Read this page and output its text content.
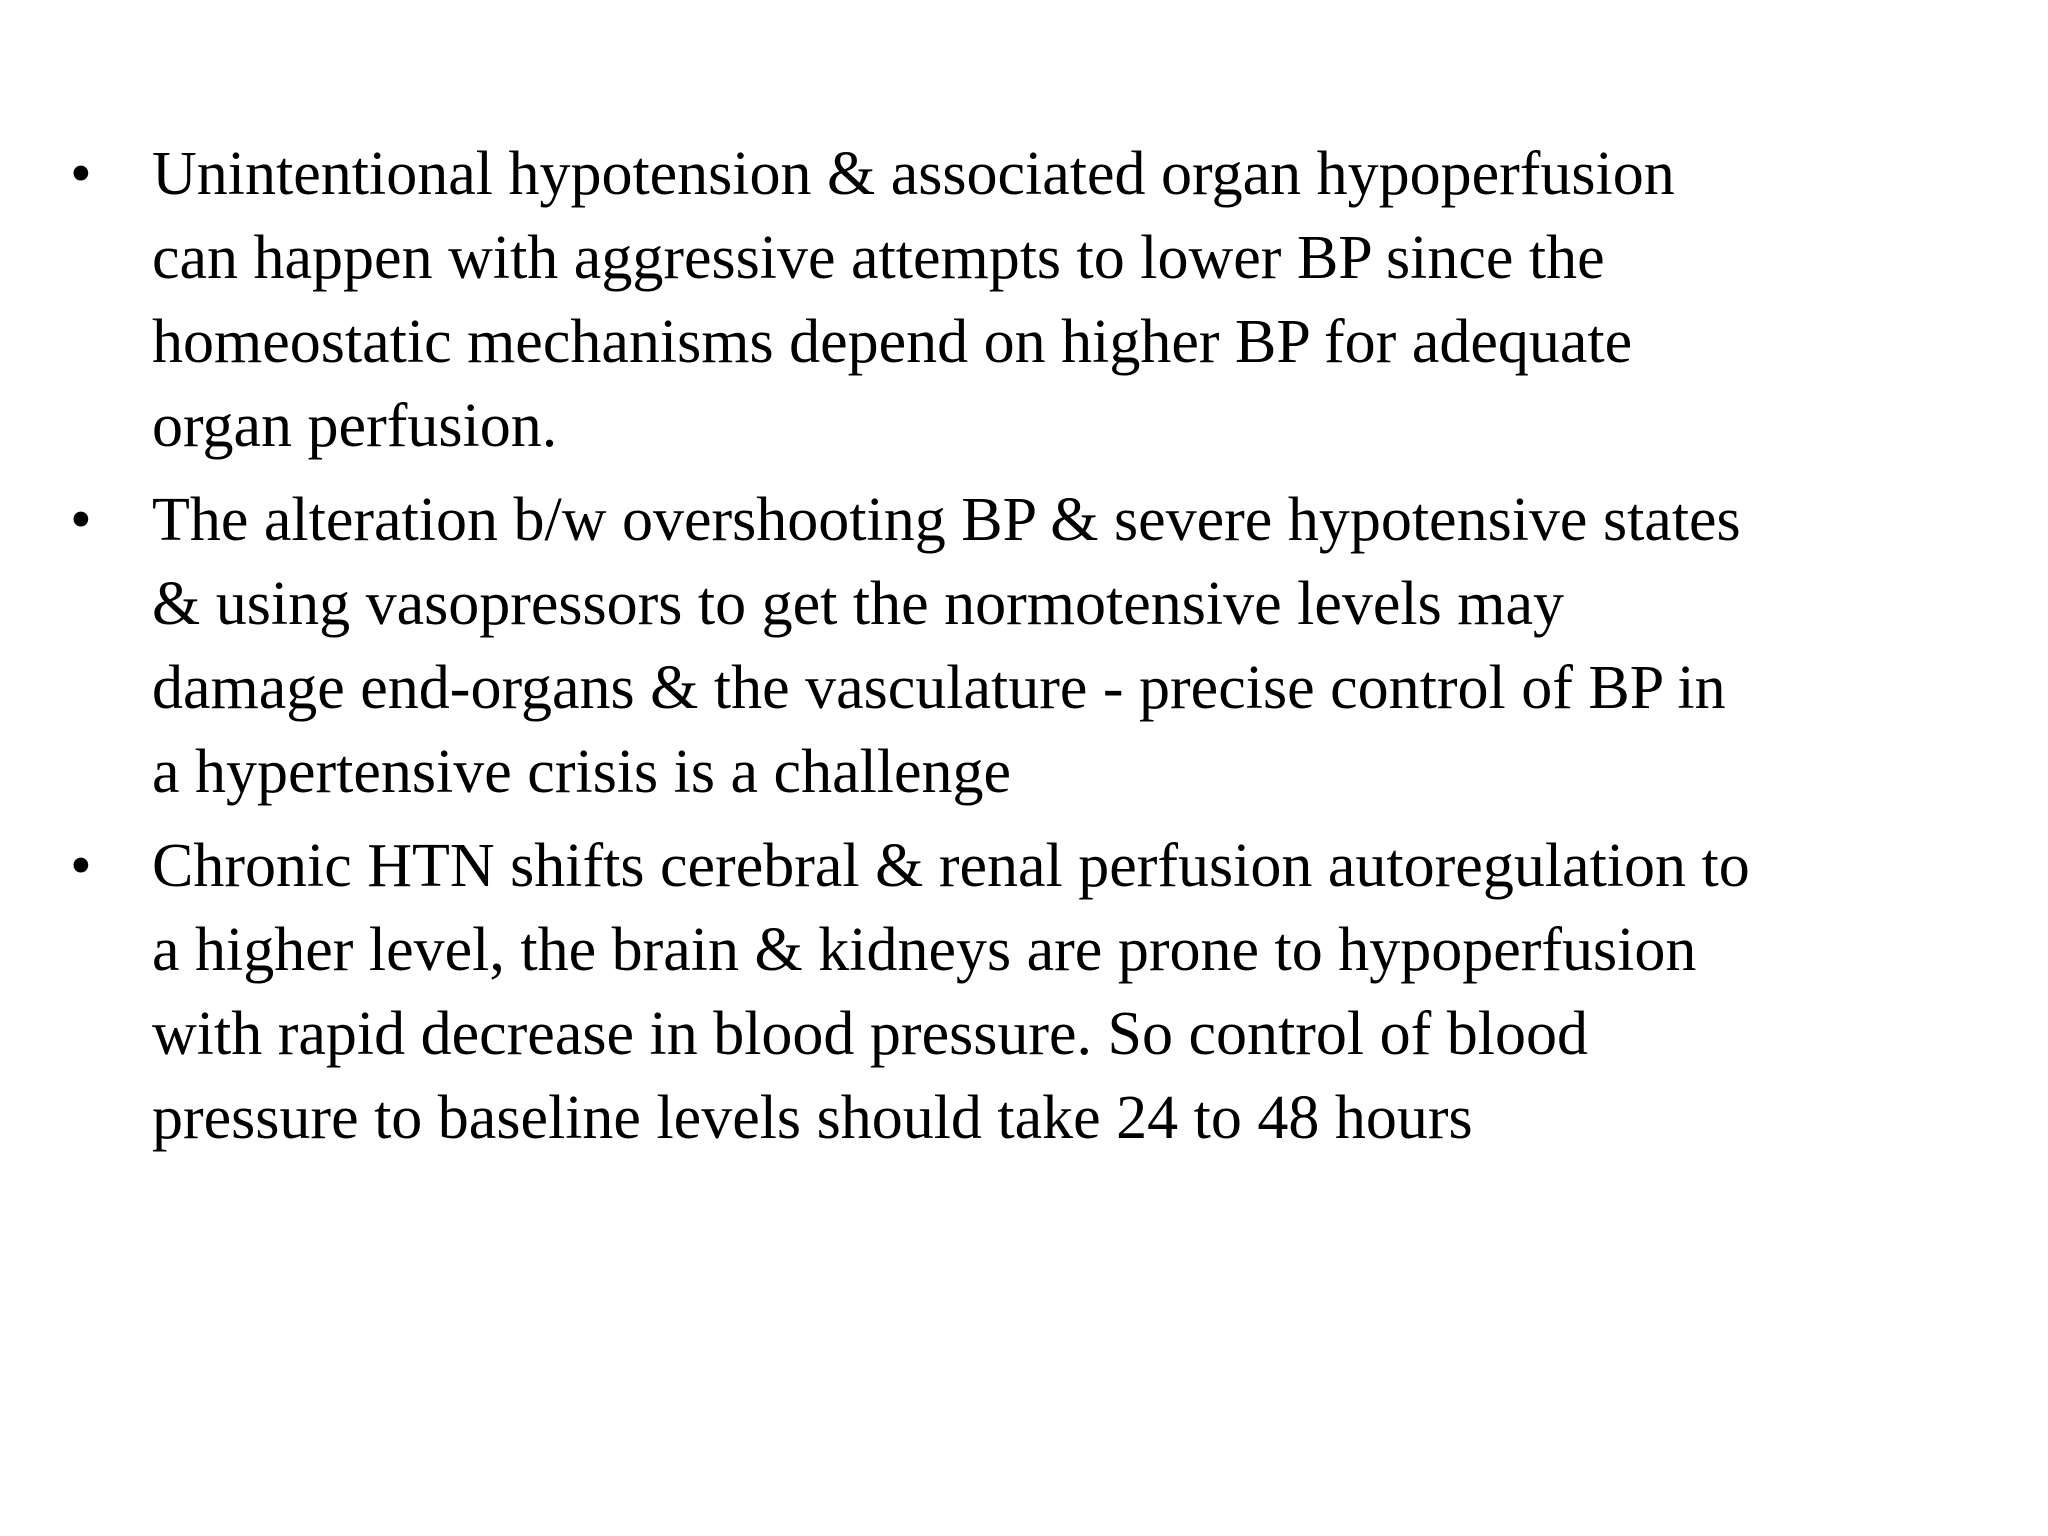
• Unintentional hypotension & associated organ hypoperfusion
can happen with aggressive attempts to lower BP since the
homeostatic mechanisms depend on higher BP for adequate
organ perfusion.
• The alteration b/w overshooting BP & severe hypotensive states
& using vasopressors to get the normotensive levels may
damage end-organs & the vasculature - precise control of BP in
a hypertensive crisis is a challenge
• Chronic HTN shifts cerebral & renal perfusion autoregulation to
a higher level, the brain & kidneys are prone to hypoperfusion
with rapid decrease in blood pressure. So control of blood
pressure to baseline levels should take 24 to 48 hours
